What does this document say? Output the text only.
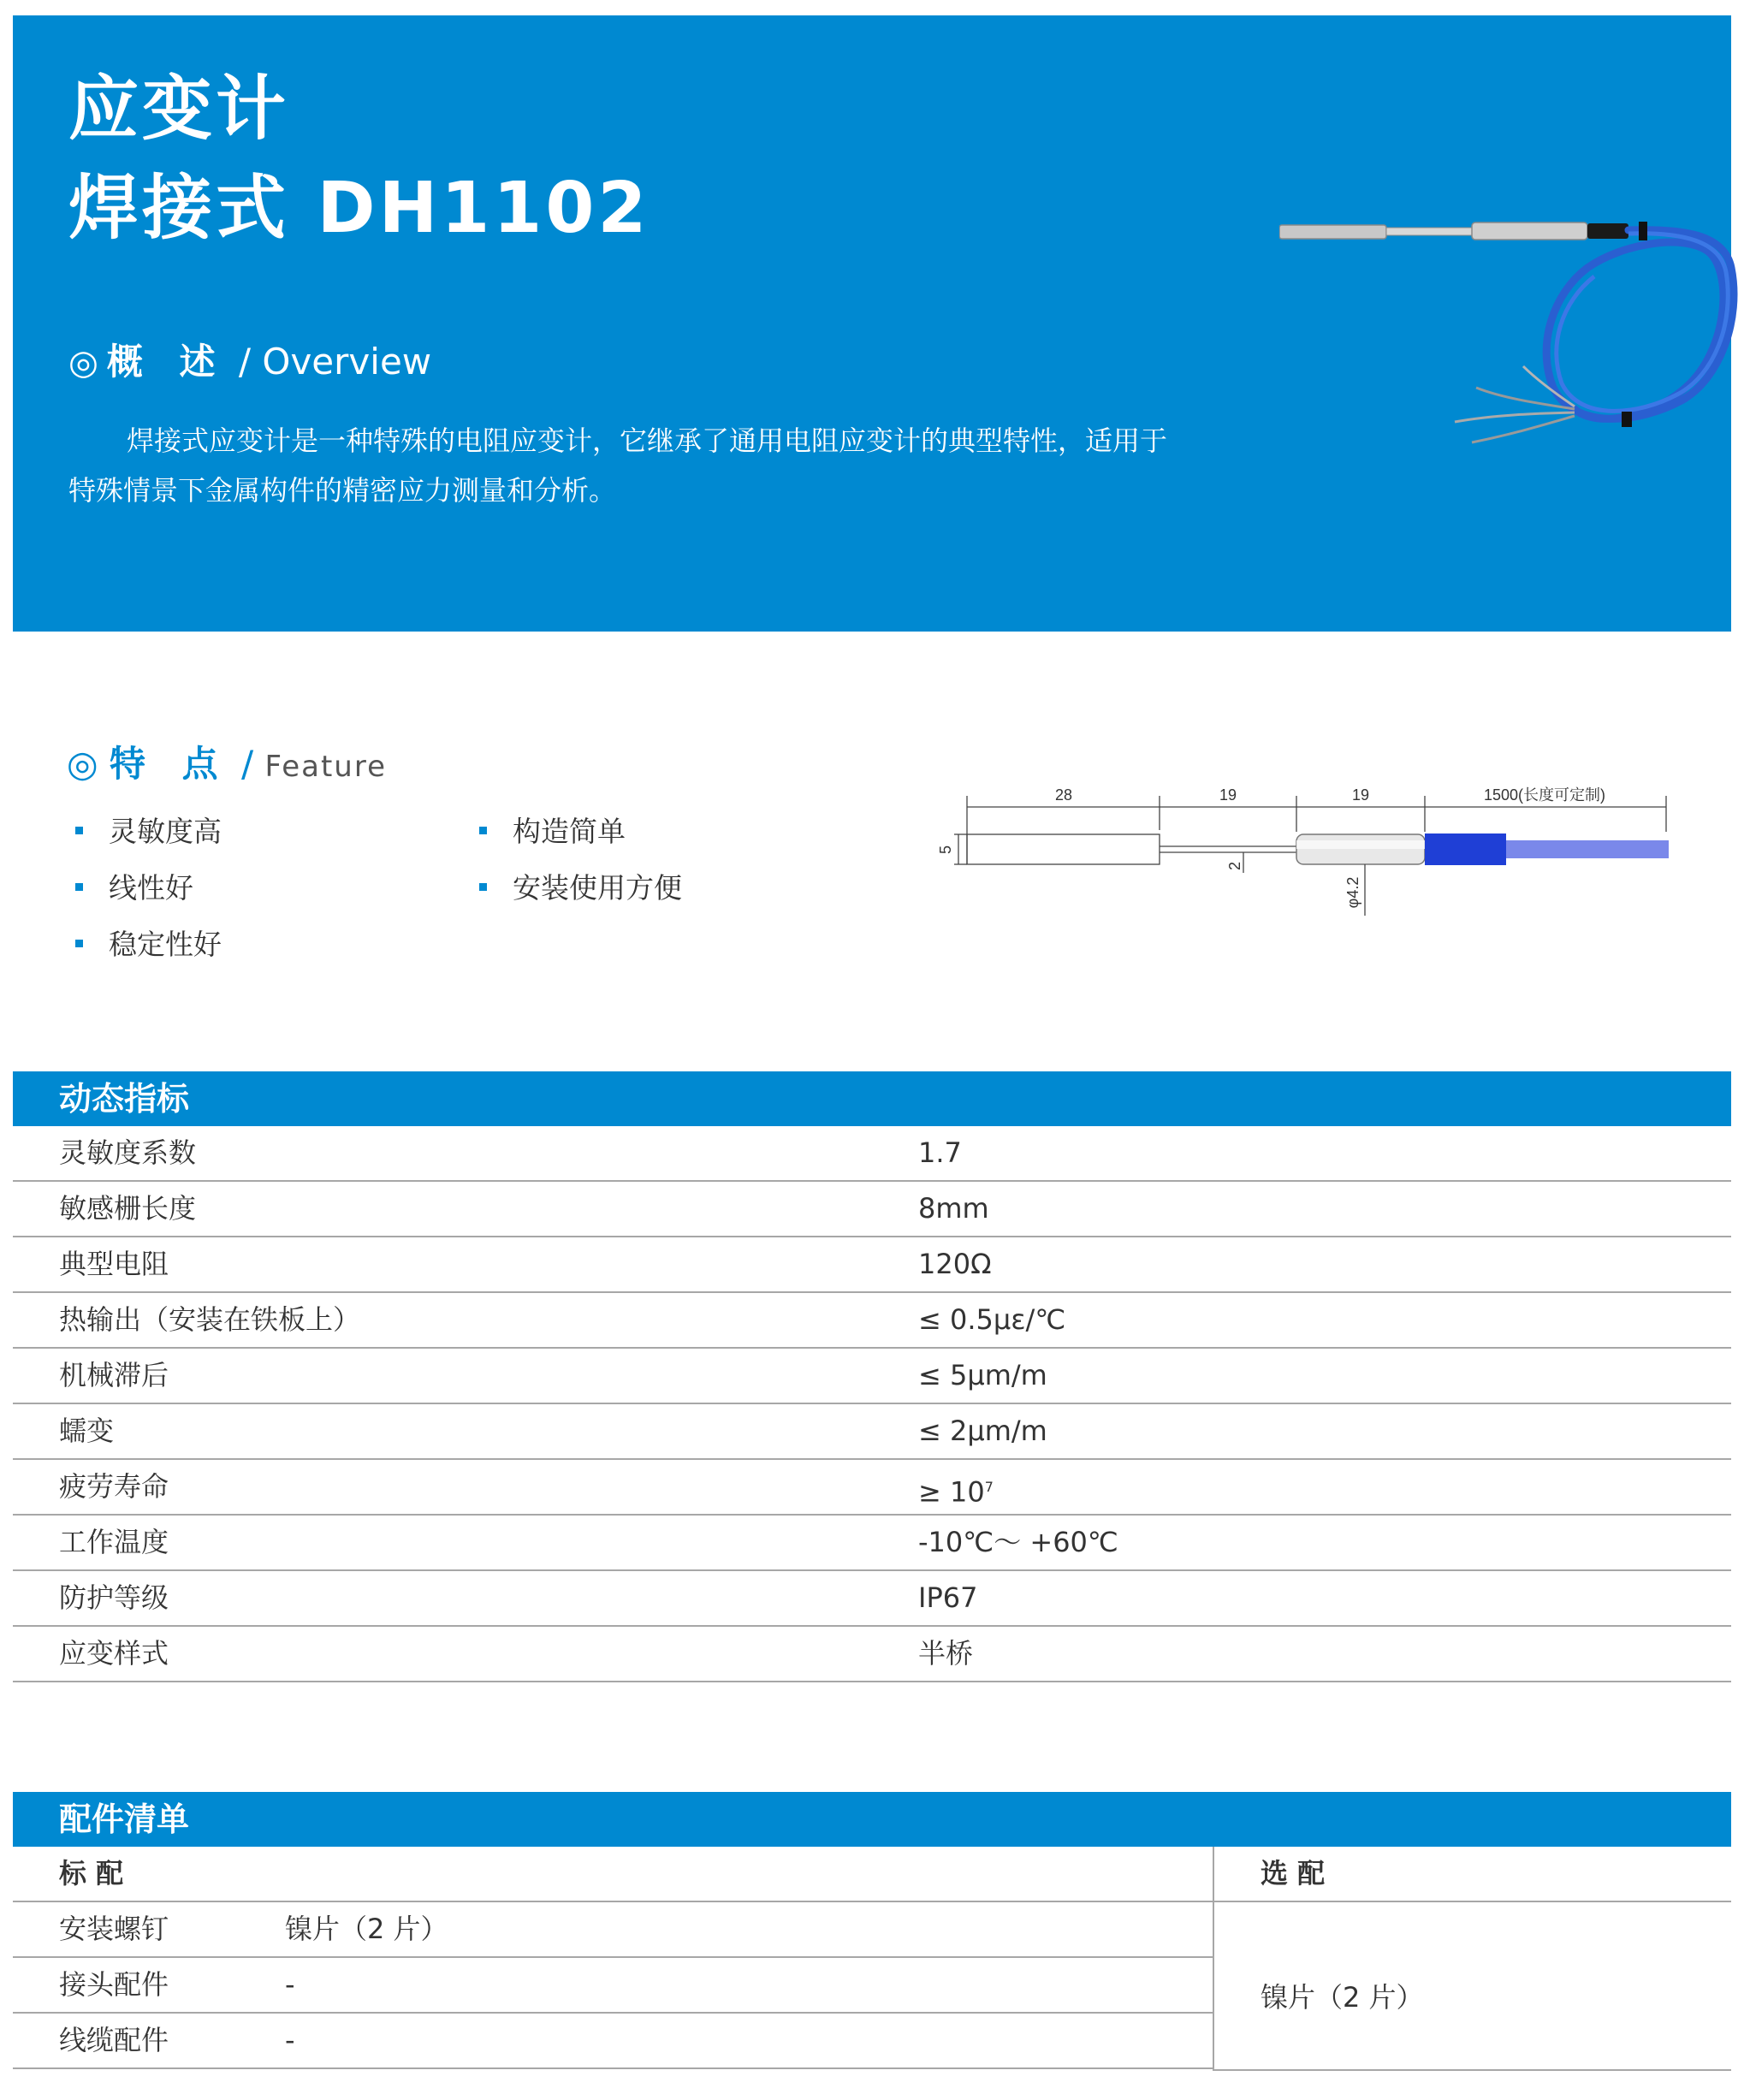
应变计
焊接式 DH1102
◎ 概 述 / Overview
焊接式应变计是一种特殊的电阻应变计，它继承了通用电阻应变计的典型特性，适用于特殊情景下金属构件的精密应力测量和分析。
◎ 特 点 / Feature
灵敏度高	构造简单
线性好	安装使用方便
稳定性好
28	19	19	1500(长度可定制)
5
2
φ4.2
动态指标
灵敏度系数	1.7
敏感栅长度	8mm
典型电阻	120Ω
热输出（安装在铁板上）	≤ 0.5με/℃
机械滞后	≤ 5μm/m
蠕变	≤ 2μm/m
疲劳寿命	≥ $10^7$
工作温度	-10℃～ +60℃
防护等级	IP67
应变样式	半桥
配件清单
标 配	选 配
安装螺钉	镍片（2 片）
接头配件	-
线缆配件	-
镍片（2 片）
